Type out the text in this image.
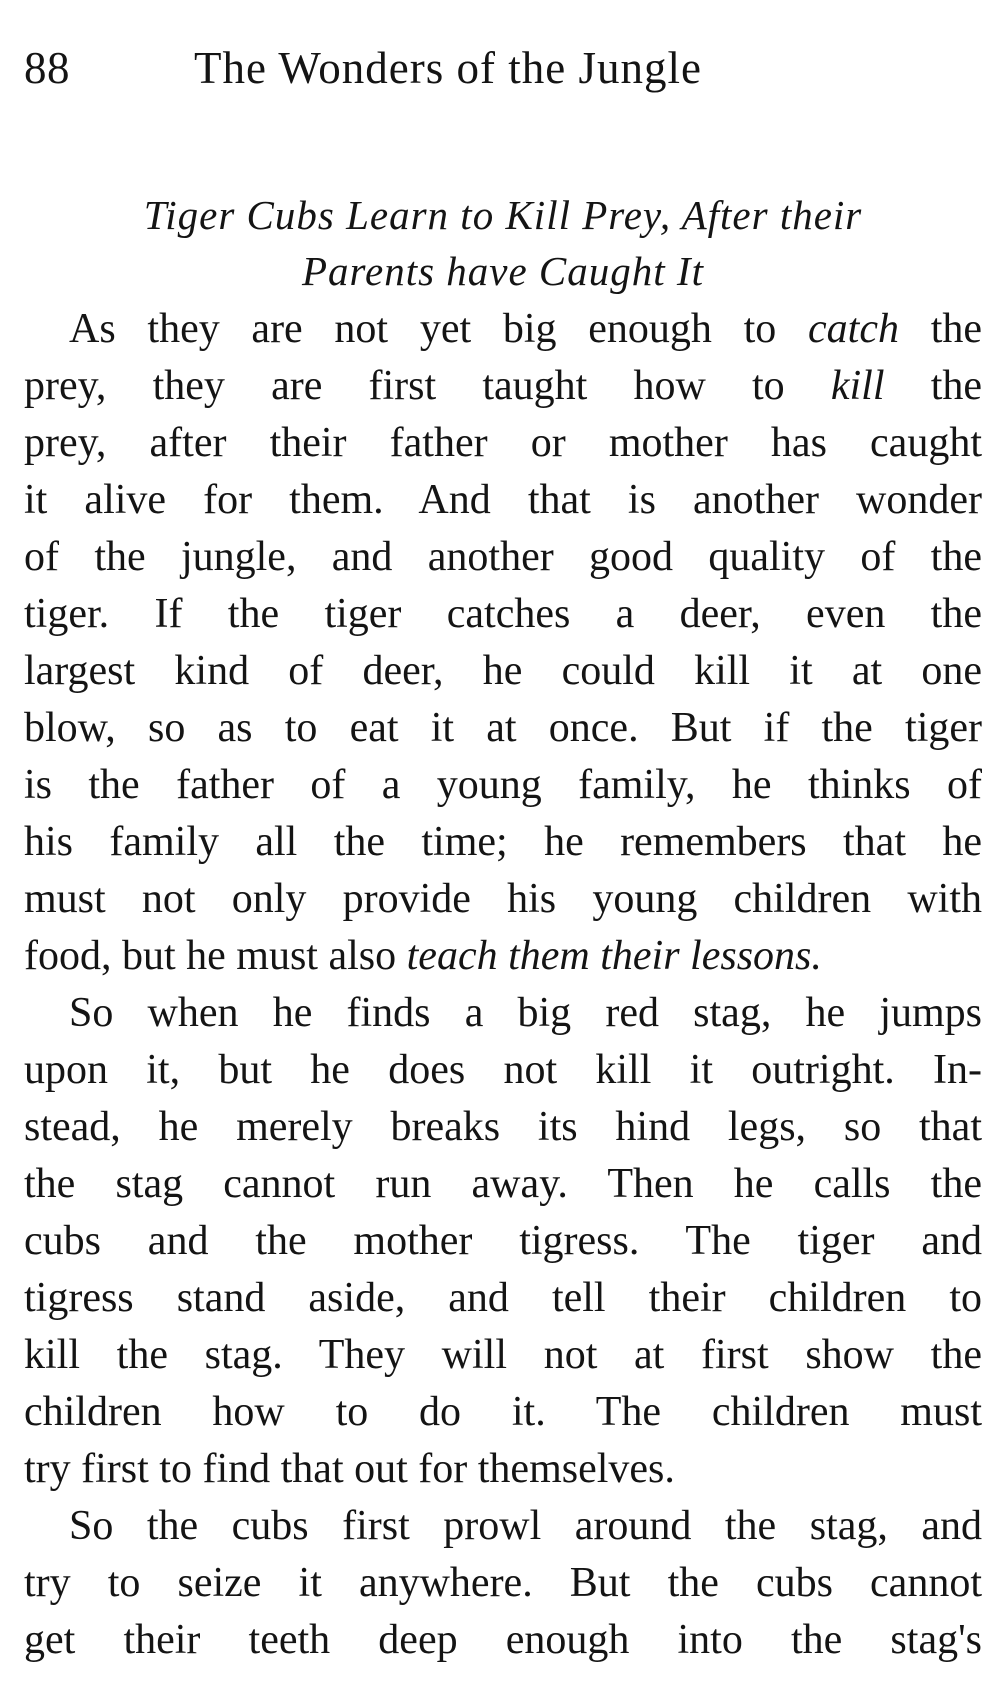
88	The Wonders of the Jungle
Tiger Cubs Learn to Kill Prey, After their
Parents have Caught It
As they are not yet big enough to catch the
prey, they are first taught how to kill the
prey, after their father or mother has caught
it alive for them. And that is another wonder
of the jungle, and another good quality of the
tiger. If the tiger catches a deer, even the
largest kind of deer, he could kill it at one
blow, so as to eat it at once. But if the tiger
is the father of a young family, he thinks of
his family all the time; he remembers that he
must not only provide his young children with
food, but he must also teach them their lessons.
So when he finds a big red stag, he jumps
upon it, but he does not kill it outright. In-
stead, he merely breaks its hind legs, so that
the stag cannot run away. Then he calls the
cubs and the mother tigress. The tiger and
tigress stand aside, and tell their children to
kill the stag. They will not at first show the
children how to do it. The children must
try first to find that out for themselves.
So the cubs first prowl around the stag, and
try to seize it anywhere. But the cubs cannot
get their teeth deep enough into the stag's
